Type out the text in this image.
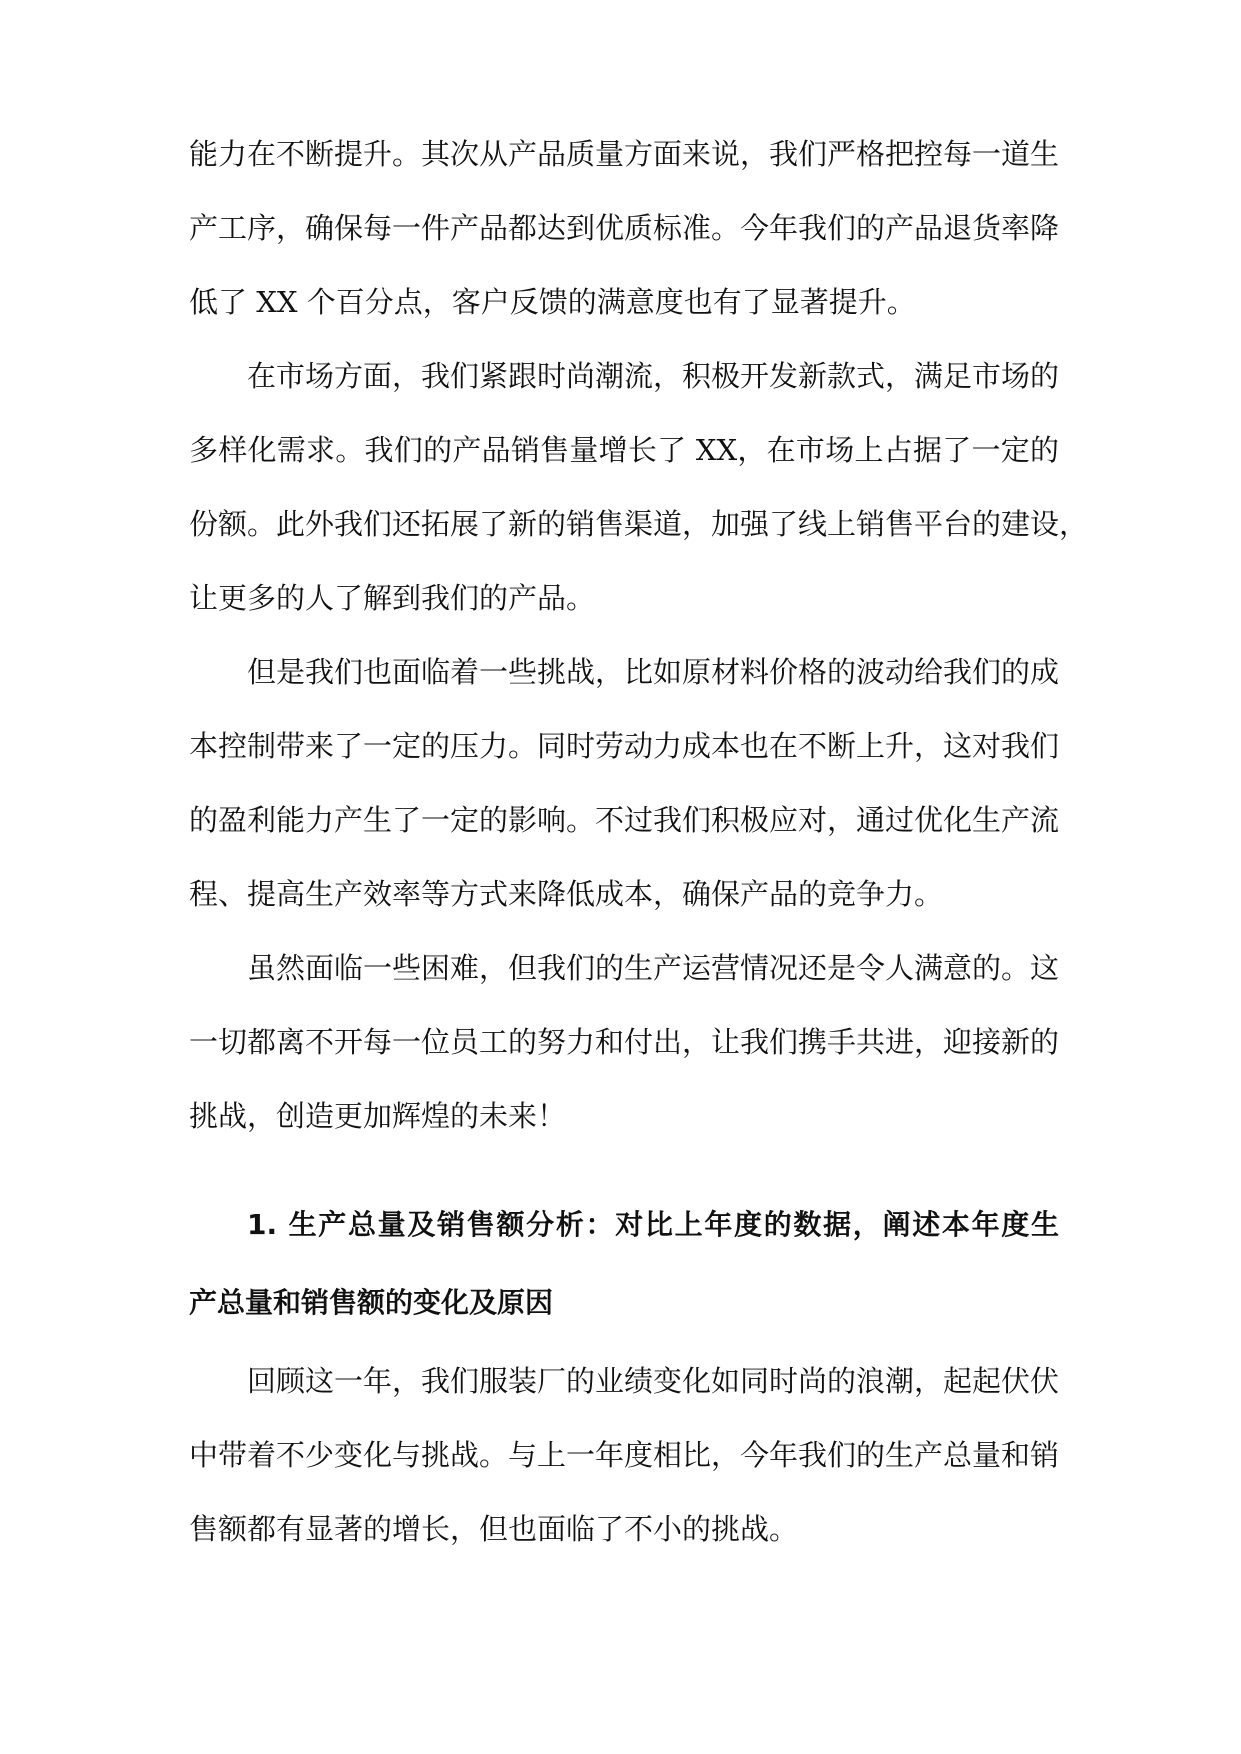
能力在不断提升。其次从产品质量方面来说，我们严格把控每一道生
产工序，确保每一件产品都达到优质标准。今年我们的产品退货率降
低了 XX 个百分点，客户反馈的满意度也有了显著提升。
在市场方面，我们紧跟时尚潮流，积极开发新款式，满足市场的
多样化需求。我们的产品销售量增长了 XX，在市场上占据了一定的
份额。此外我们还拓展了新的销售渠道，加强了线上销售平台的建设，
让更多的人了解到我们的产品。
但是我们也面临着一些挑战，比如原材料价格的波动给我们的成
本控制带来了一定的压力。同时劳动力成本也在不断上升，这对我们
的盈利能力产生了一定的影响。不过我们积极应对，通过优化生产流
程、提高生产效率等方式来降低成本，确保产品的竞争力。
虽然面临一些困难，但我们的生产运营情况还是令人满意的。这
一切都离不开每一位员工的努力和付出，让我们携手共进，迎接新的
挑战，创造更加辉煌的未来！
1. 生产总量及销售额分析：对比上年度的数据，阐述本年度生
产总量和销售额的变化及原因
回顾这一年，我们服装厂的业绩变化如同时尚的浪潮，起起伏伏
中带着不少变化与挑战。与上一年度相比，今年我们的生产总量和销
售额都有显著的增长，但也面临了不小的挑战。
